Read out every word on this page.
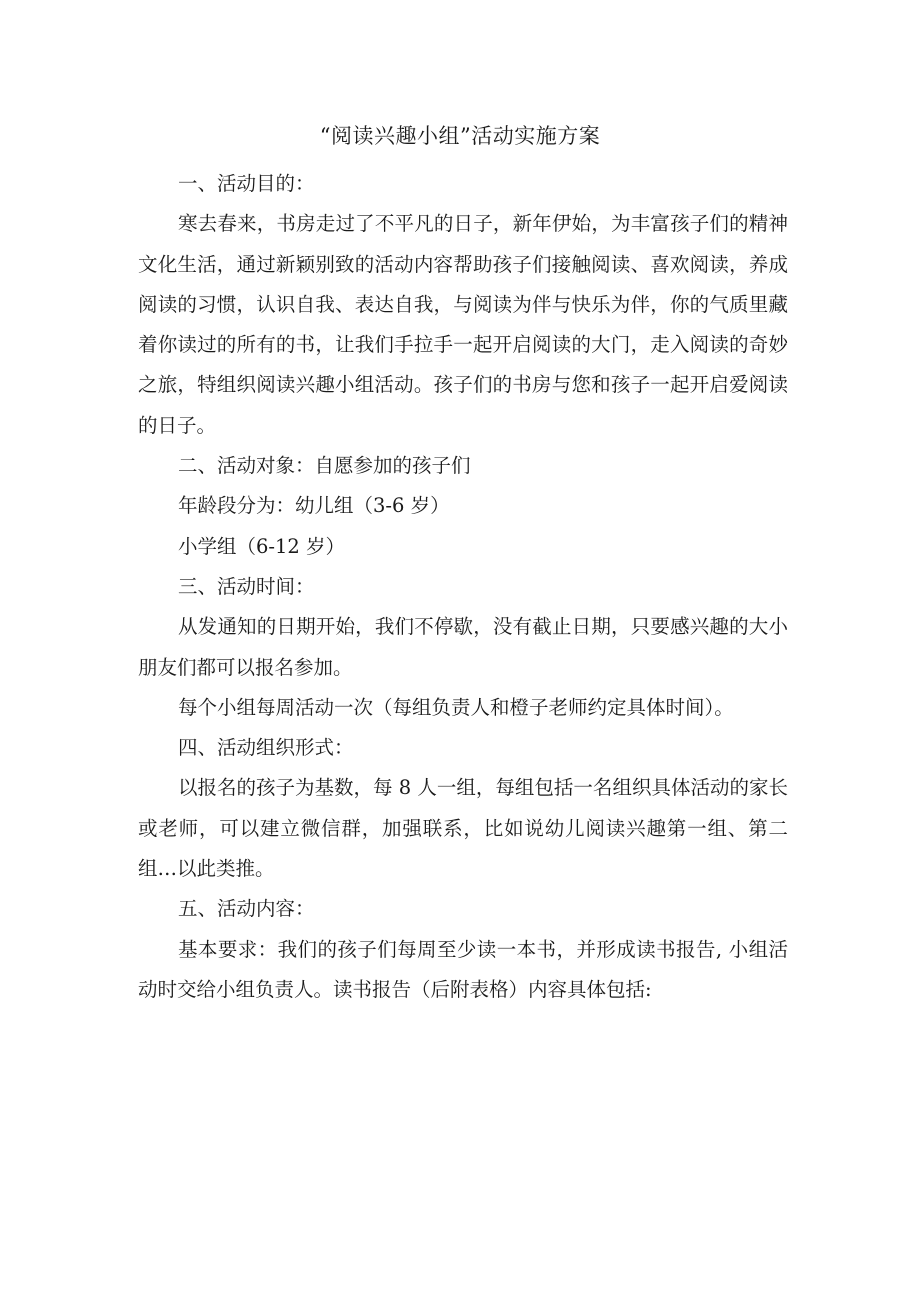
“阅读兴趣小组”活动实施方案

一、活动目的：

寒去春来，书房走过了不平凡的日子，新年伊始，为丰富孩子们的精神文化生活，通过新颖别致的活动内容帮助孩子们接触阅读、喜欢阅读，养成阅读的习惯，认识自我、表达自我，与阅读为伴与快乐为伴，你的气质里藏着你读过的所有的书，让我们手拉手一起开启阅读的大门，走入阅读的奇妙之旅，特组织阅读兴趣小组活动。孩子们的书房与您和孩子一起开启爱阅读的日子。

二、活动对象：自愿参加的孩子们

年龄段分为：幼儿组（3-6 岁）

小学组（6-12 岁）

三、活动时间：

从发通知的日期开始，我们不停歇，没有截止日期，只要感兴趣的大小朋友们都可以报名参加。

每个小组每周活动一次（每组负责人和橙子老师约定具体时间）。

四、活动组织形式：

以报名的孩子为基数，每 8 人一组，每组包括一名组织具体活动的家长或老师，可以建立微信群，加强联系，比如说幼儿阅读兴趣第一组、第二组…以此类推。

五、活动内容：

基本要求：我们的孩子们每周至少读一本书，并形成读书报告, 小组活动时交给小组负责人。读书报告（后附表格）内容具体包括:
